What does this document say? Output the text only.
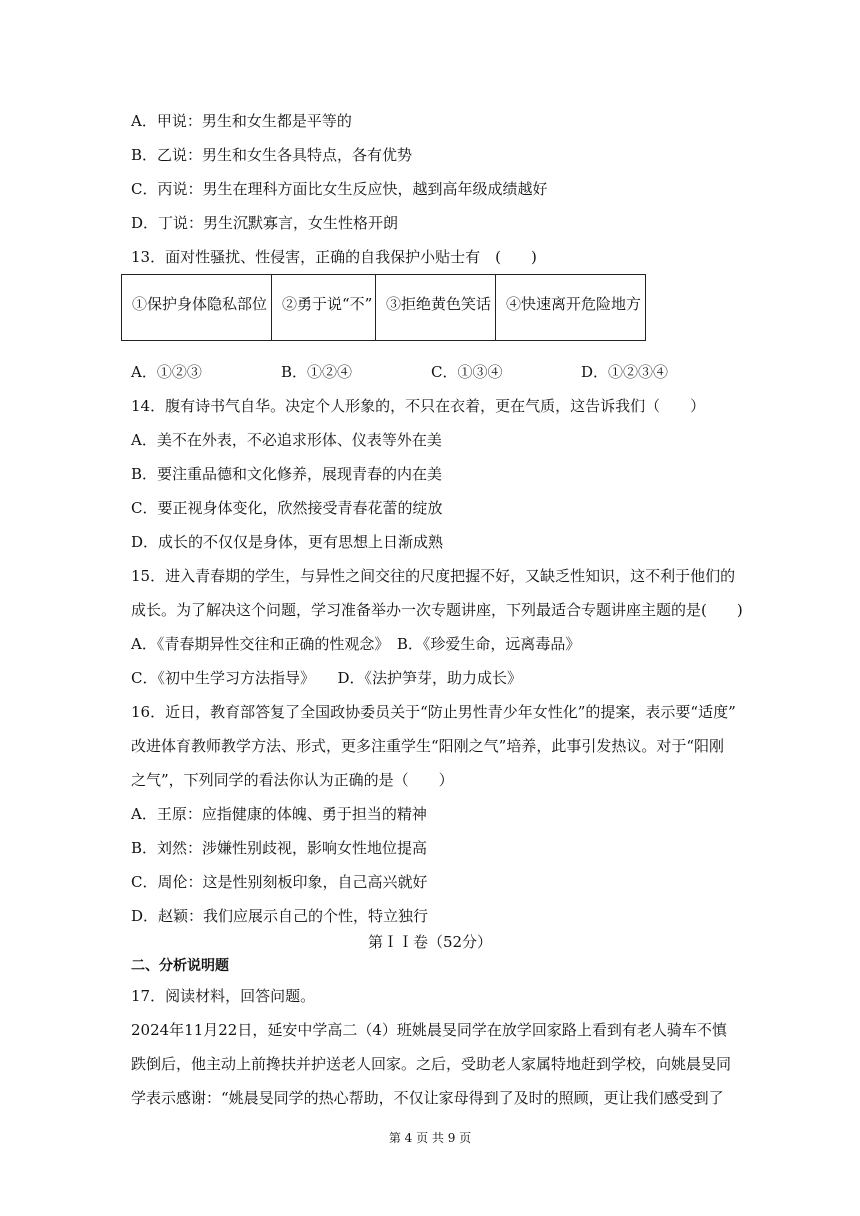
A．甲说：男生和女生都是平等的
B．乙说：男生和女生各具特点，各有优势
C．丙说：男生在理科方面比女生反应快，越到高年级成绩越好
D．丁说：男生沉默寡言，女生性格开朗
13．面对性骚扰、性侵害，正确的自我保护小贴士有　(　　)
①保护身体隐私部位	②勇于说“不”	③拒绝黄色笑话	④快速离开危险地方
A．①②③	B．①②④	C．①③④	D．①②③④
14．腹有诗书气自华。决定个人形象的，不只在衣着，更在气质，这告诉我们（　　）
A．美不在外表，不必追求形体、仪表等外在美
B．要注重品德和文化修养，展现青春的内在美
C．要正视身体变化，欣然接受青春花蕾的绽放
D．成长的不仅仅是身体，更有思想上日渐成熟
15．进入青春期的学生，与异性之间交往的尺度把握不好，又缺乏性知识，这不利于他们的
成长。为了解决这个问题，学习准备举办一次专题讲座，下列最适合专题讲座主题的是(　　)
A．《青春期异性交往和正确的性观念》　B．《珍爱生命，远离毒品》
C．《初中生学习方法指导》　　D．《法护笋芽，助力成长》
16．近日，教育部答复了全国政协委员关于“防止男性青少年女性化”的提案，表示要“适度”
改进体育教师教学方法、形式，更多注重学生“阳刚之气”培养，此事引发热议。对于“阳刚
之气”，下列同学的看法你认为正确的是（　　）
A．王原：应指健康的体魄、勇于担当的精神
B．刘然：涉嫌性别歧视，影响女性地位提高
C．周伦：这是性别刻板印象，自己高兴就好
D．赵颖：我们应展示自己的个性，特立独行
第ＩＩ卷（52分）
二、分析说明题
17．阅读材料，回答问题。
2024年11月22日，延安中学高二（4）班姚晨旻同学在放学回家路上看到有老人骑车不慎
跌倒后，他主动上前搀扶并护送老人回家。之后，受助老人家属特地赶到学校，向姚晨旻同
学表示感谢：“姚晨旻同学的热心帮助，不仅让家母得到了及时的照顾，更让我们感受到了
第 4 页 共 9 页
